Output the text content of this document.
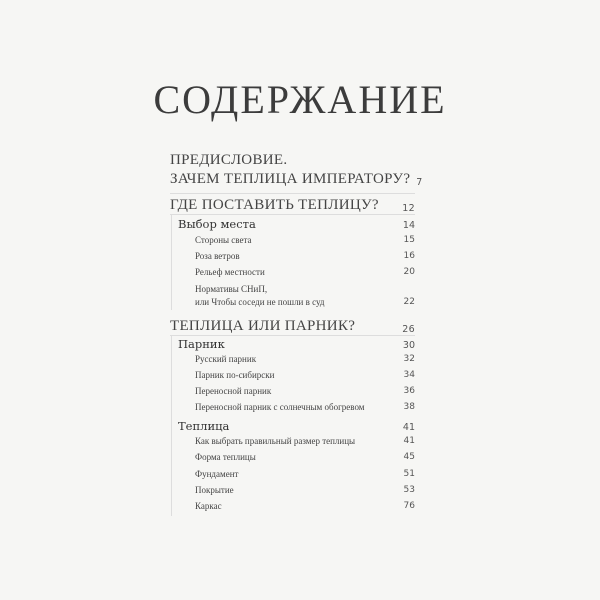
СОДЕРЖАНИЕ
ПРЕДИСЛОВИЕ.
ЗАЧЕМ ТЕПЛИЦА ИМПЕРАТОРУ? 7
ГДЕ ПОСТАВИТЬ ТЕПЛИЦУ? 12
Выбор места	14
Стороны света	15
Роза ветров	16
Рельеф местности	20
Нормативы СНиП,
или Чтобы соседи не пошли в суд	22
ТЕПЛИЦА ИЛИ ПАРНИК?	26
Парник	30
Русский парник	32
Парник по-сибирски	34
Переносной парник	36
Переносной парник с солнечным обогревом	38
Теплица	41
Как выбрать правильный размер теплицы	41
Форма теплицы	45
Фундамент	51
Покрытие	53
Каркас	76
